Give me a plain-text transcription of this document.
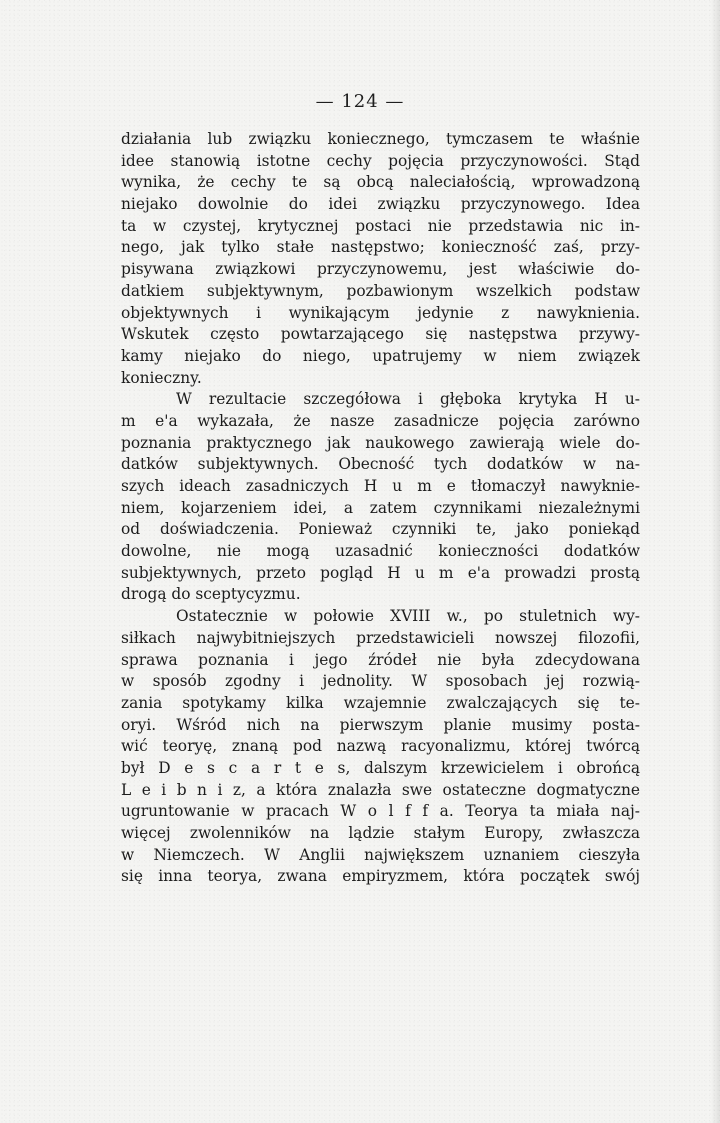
— 124 —
działania lub związku koniecznego, tymczasem te właśnie
idee stanowią istotne cechy pojęcia przyczynowości. Stąd
wynika, że cechy te są obcą naleciałością, wprowadzoną
niejako dowolnie do idei związku przyczynowego. Idea
ta w czystej, krytycznej postaci nie przedstawia nic in-
nego, jak tylko stałe następstwo; konieczność zaś, przy-
pisywana związkowi przyczynowemu, jest właściwie do-
datkiem subjektywnym, pozbawionym wszelkich podstaw
objektywnych i wynikającym jedynie z nawyknienia.
Wskutek często powtarzającego się następstwa przywy-
kamy niejako do niego, upatrujemy w niem związek
konieczny.
W rezultacie szczegółowa i głęboka krytyka H u-
m e'a wykazała, że nasze zasadnicze pojęcia zarówno
poznania praktycznego jak naukowego zawierają wiele do-
datków subjektywnych. Obecność tych dodatków w na-
szych ideach zasadniczych H u m e tłomaczył nawyknie-
niem, kojarzeniem idei, a zatem czynnikami niezależnymi
od doświadczenia. Ponieważ czynniki te, jako poniekąd
dowolne, nie mogą uzasadnić konieczności dodatków
subjektywnych, przeto pogląd H u m e'a prowadzi prostą
drogą do sceptycyzmu.
Ostatecznie w połowie XVIII w., po stuletnich wy-
siłkach najwybitniejszych przedstawicieli nowszej filozofii,
sprawa poznania i jego źródeł nie była zdecydowana
w sposób zgodny i jednolity. W sposobach jej rozwią-
zania spotykamy kilka wzajemnie zwalczających się te-
oryi. Wśród nich na pierwszym planie musimy posta-
wić teoryę, znaną pod nazwą racyonalizmu, której twórcą
był D e s c a r t e s, dalszym krzewicielem i obrońcą
L e i b n i z, a która znalazła swe ostateczne dogmatyczne
ugruntowanie w pracach W o l f f a. Teorya ta miała naj-
więcej zwolenników na lądzie stałym Europy, zwłaszcza
w Niemczech. W Anglii największem uznaniem cieszyła
się inna teorya, zwana empiryzmem, która początek swój
